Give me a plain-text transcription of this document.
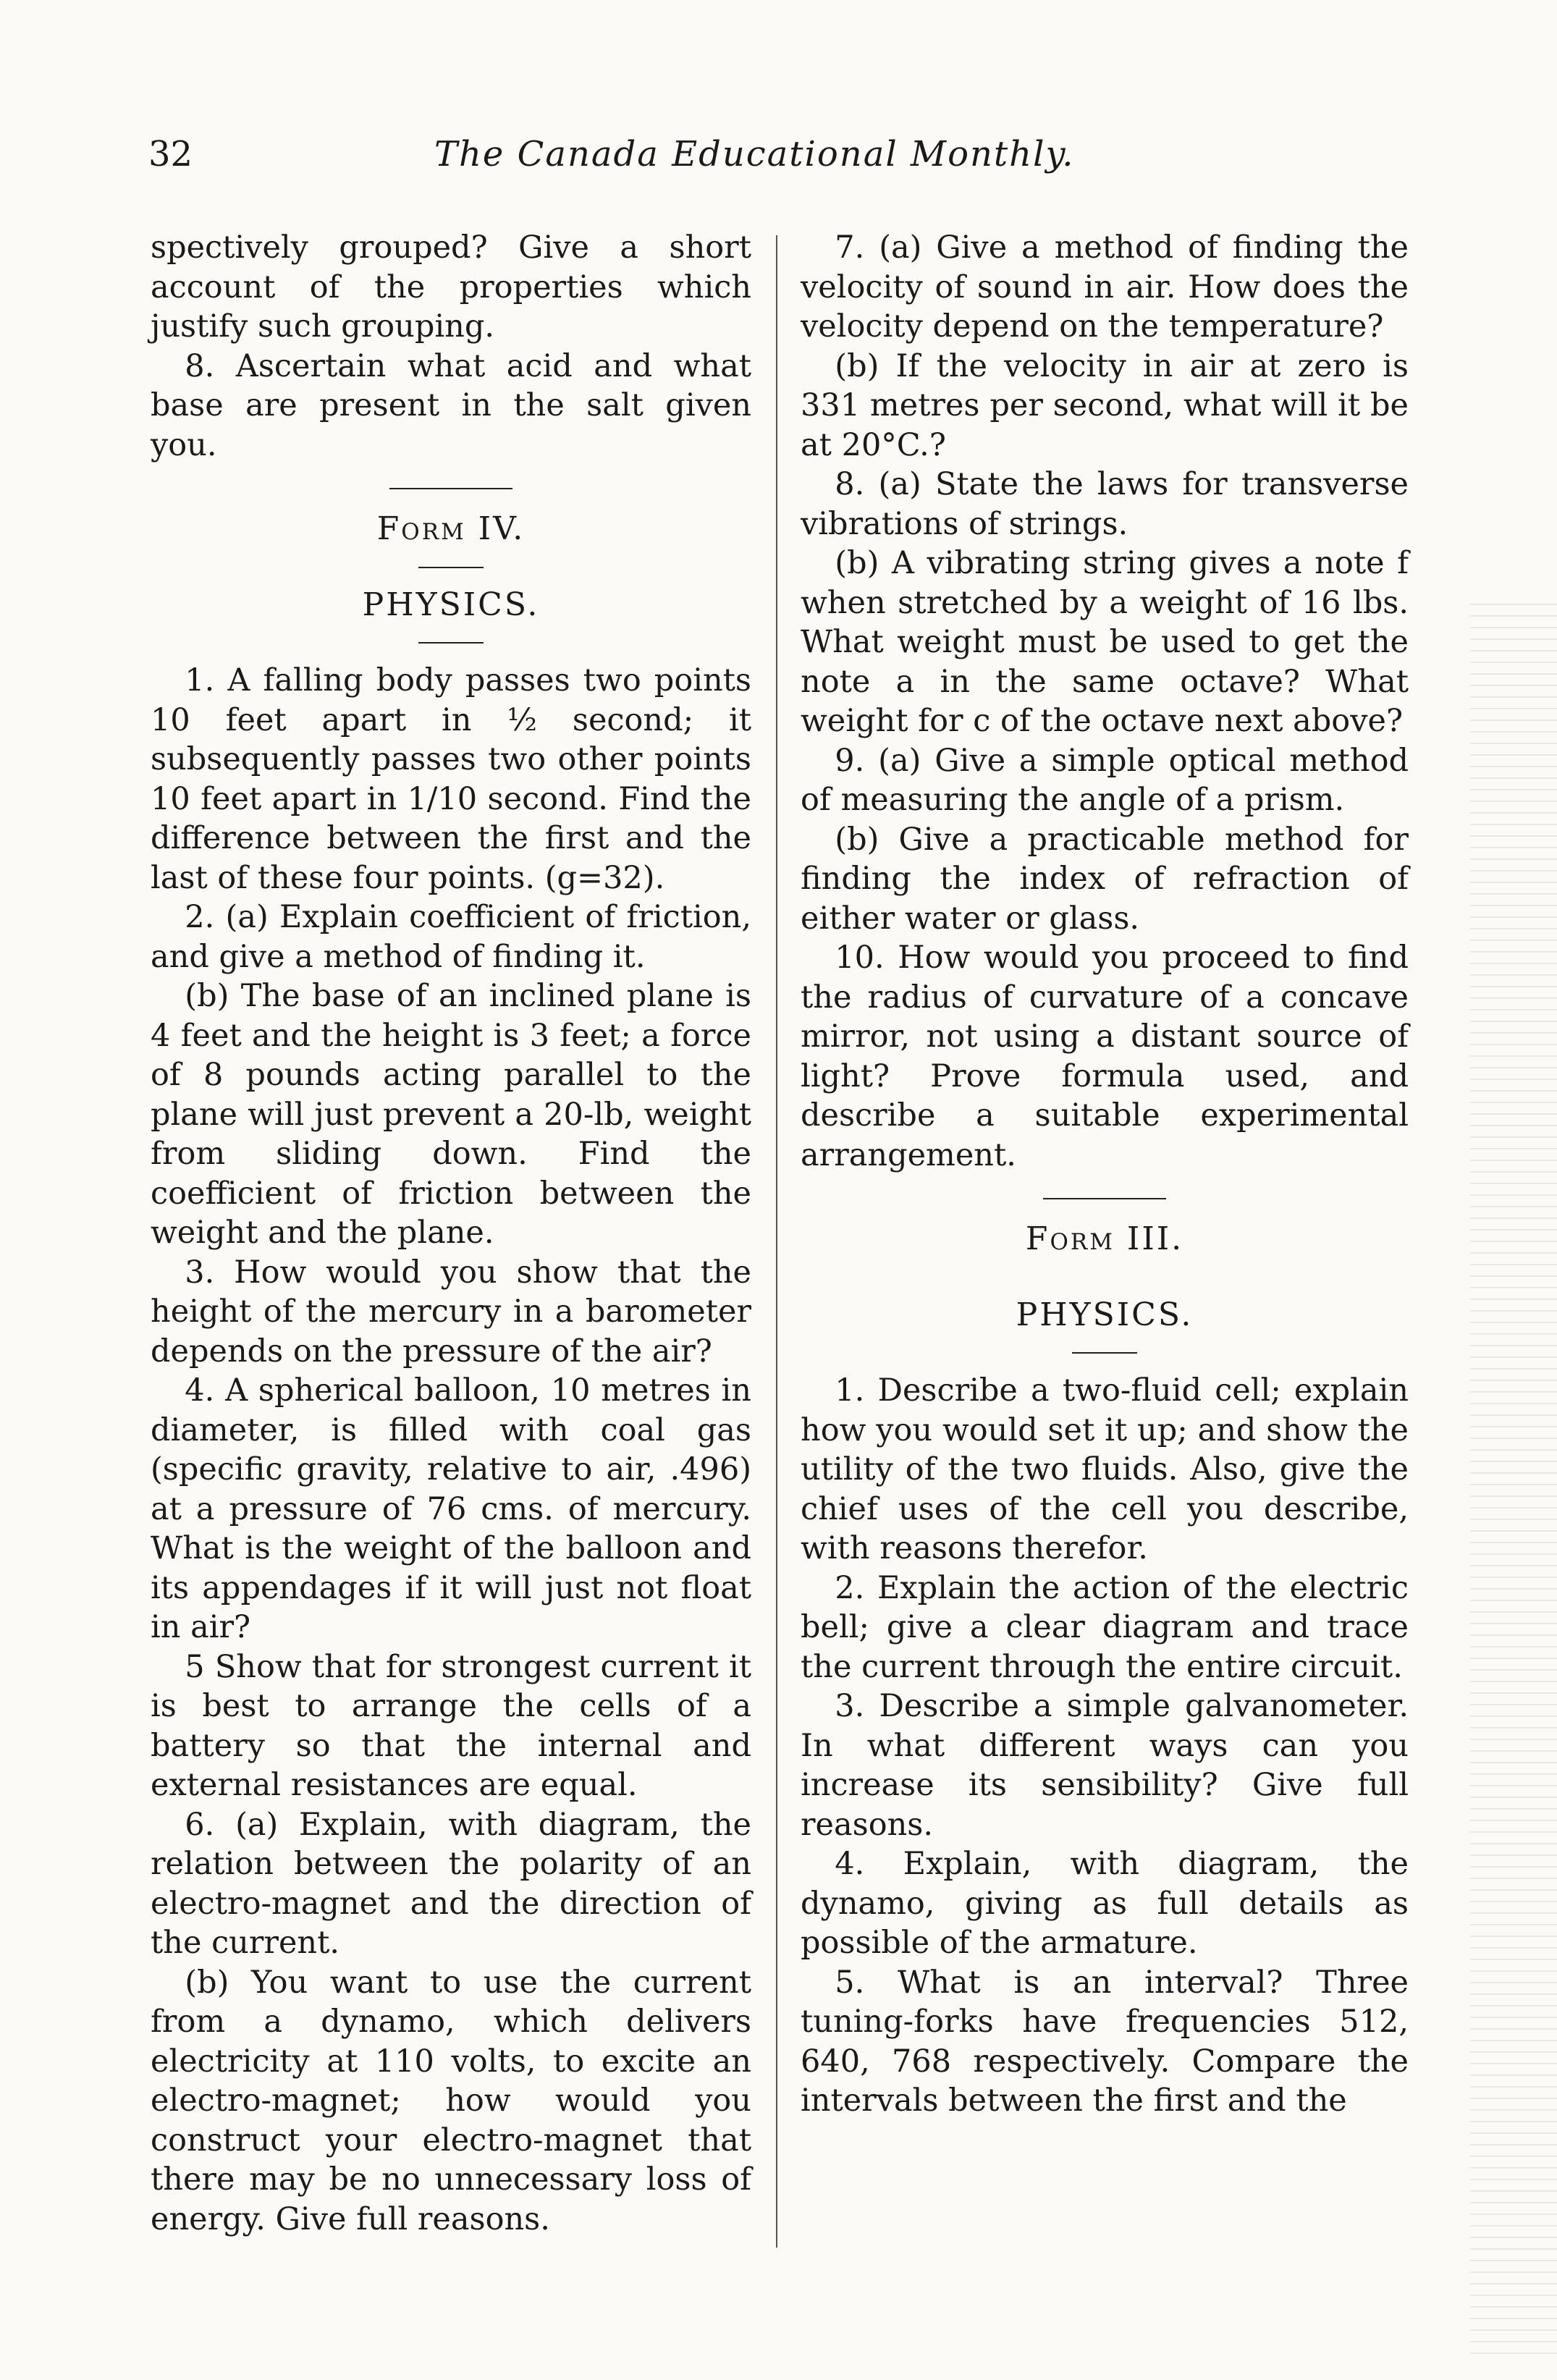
32	The Canada Educational Monthly.

spectively grouped? Give a short account of the properties which justify such grouping.

8. Ascertain what acid and what base are present in the salt given you.

Form IV.

PHYSICS.

1. A falling body passes two points 10 feet apart in ½ second; it subsequently passes two other points 10 feet apart in 1/10 second. Find the difference between the first and the last of these four points. (g=32).

2. (a) Explain coefficient of friction, and give a method of finding it.

(b) The base of an inclined plane is 4 feet and the height is 3 feet; a force of 8 pounds acting parallel to the plane will just prevent a 20-lb, weight from sliding down. Find the coefficient of friction between the weight and the plane.

3. How would you show that the height of the mercury in a barometer depends on the pressure of the air?

4. A spherical balloon, 10 metres in diameter, is filled with coal gas (specific gravity, relative to air, .496) at a pressure of 76 cms. of mercury. What is the weight of the balloon and its appendages if it will just not float in air?

5 Show that for strongest current it is best to arrange the cells of a battery so that the internal and external resistances are equal.

6. (a) Explain, with diagram, the relation between the polarity of an electro-magnet and the direction of the current.

(b) You want to use the current from a dynamo, which delivers electricity at 110 volts, to excite an electro-magnet; how would you construct your electro-magnet that there may be no unnecessary loss of energy. Give full reasons.

7. (a) Give a method of finding the velocity of sound in air. How does the velocity depend on the temperature?

(b) If the velocity in air at zero is 331 metres per second, what will it be at 20°C.?

8. (a) State the laws for transverse vibrations of strings.

(b) A vibrating string gives a note f when stretched by a weight of 16 lbs. What weight must be used to get the note a in the same octave? What weight for c of the octave next above?

9. (a) Give a simple optical method of measuring the angle of a prism.

(b) Give a practicable method for finding the index of refraction of either water or glass.

10. How would you proceed to find the radius of curvature of a concave mirror, not using a distant source of light? Prove formula used, and describe a suitable experimental arrangement.

Form III.

PHYSICS.

1. Describe a two-fluid cell; explain how you would set it up; and show the utility of the two fluids. Also, give the chief uses of the cell you describe, with reasons therefor.

2. Explain the action of the electric bell; give a clear diagram and trace the current through the entire circuit.

3. Describe a simple galvanometer. In what different ways can you increase its sensibility? Give full reasons.

4. Explain, with diagram, the dynamo, giving as full details as possible of the armature.

5. What is an interval? Three tuning-forks have frequencies 512, 640, 768 respectively. Compare the intervals between the first and the
